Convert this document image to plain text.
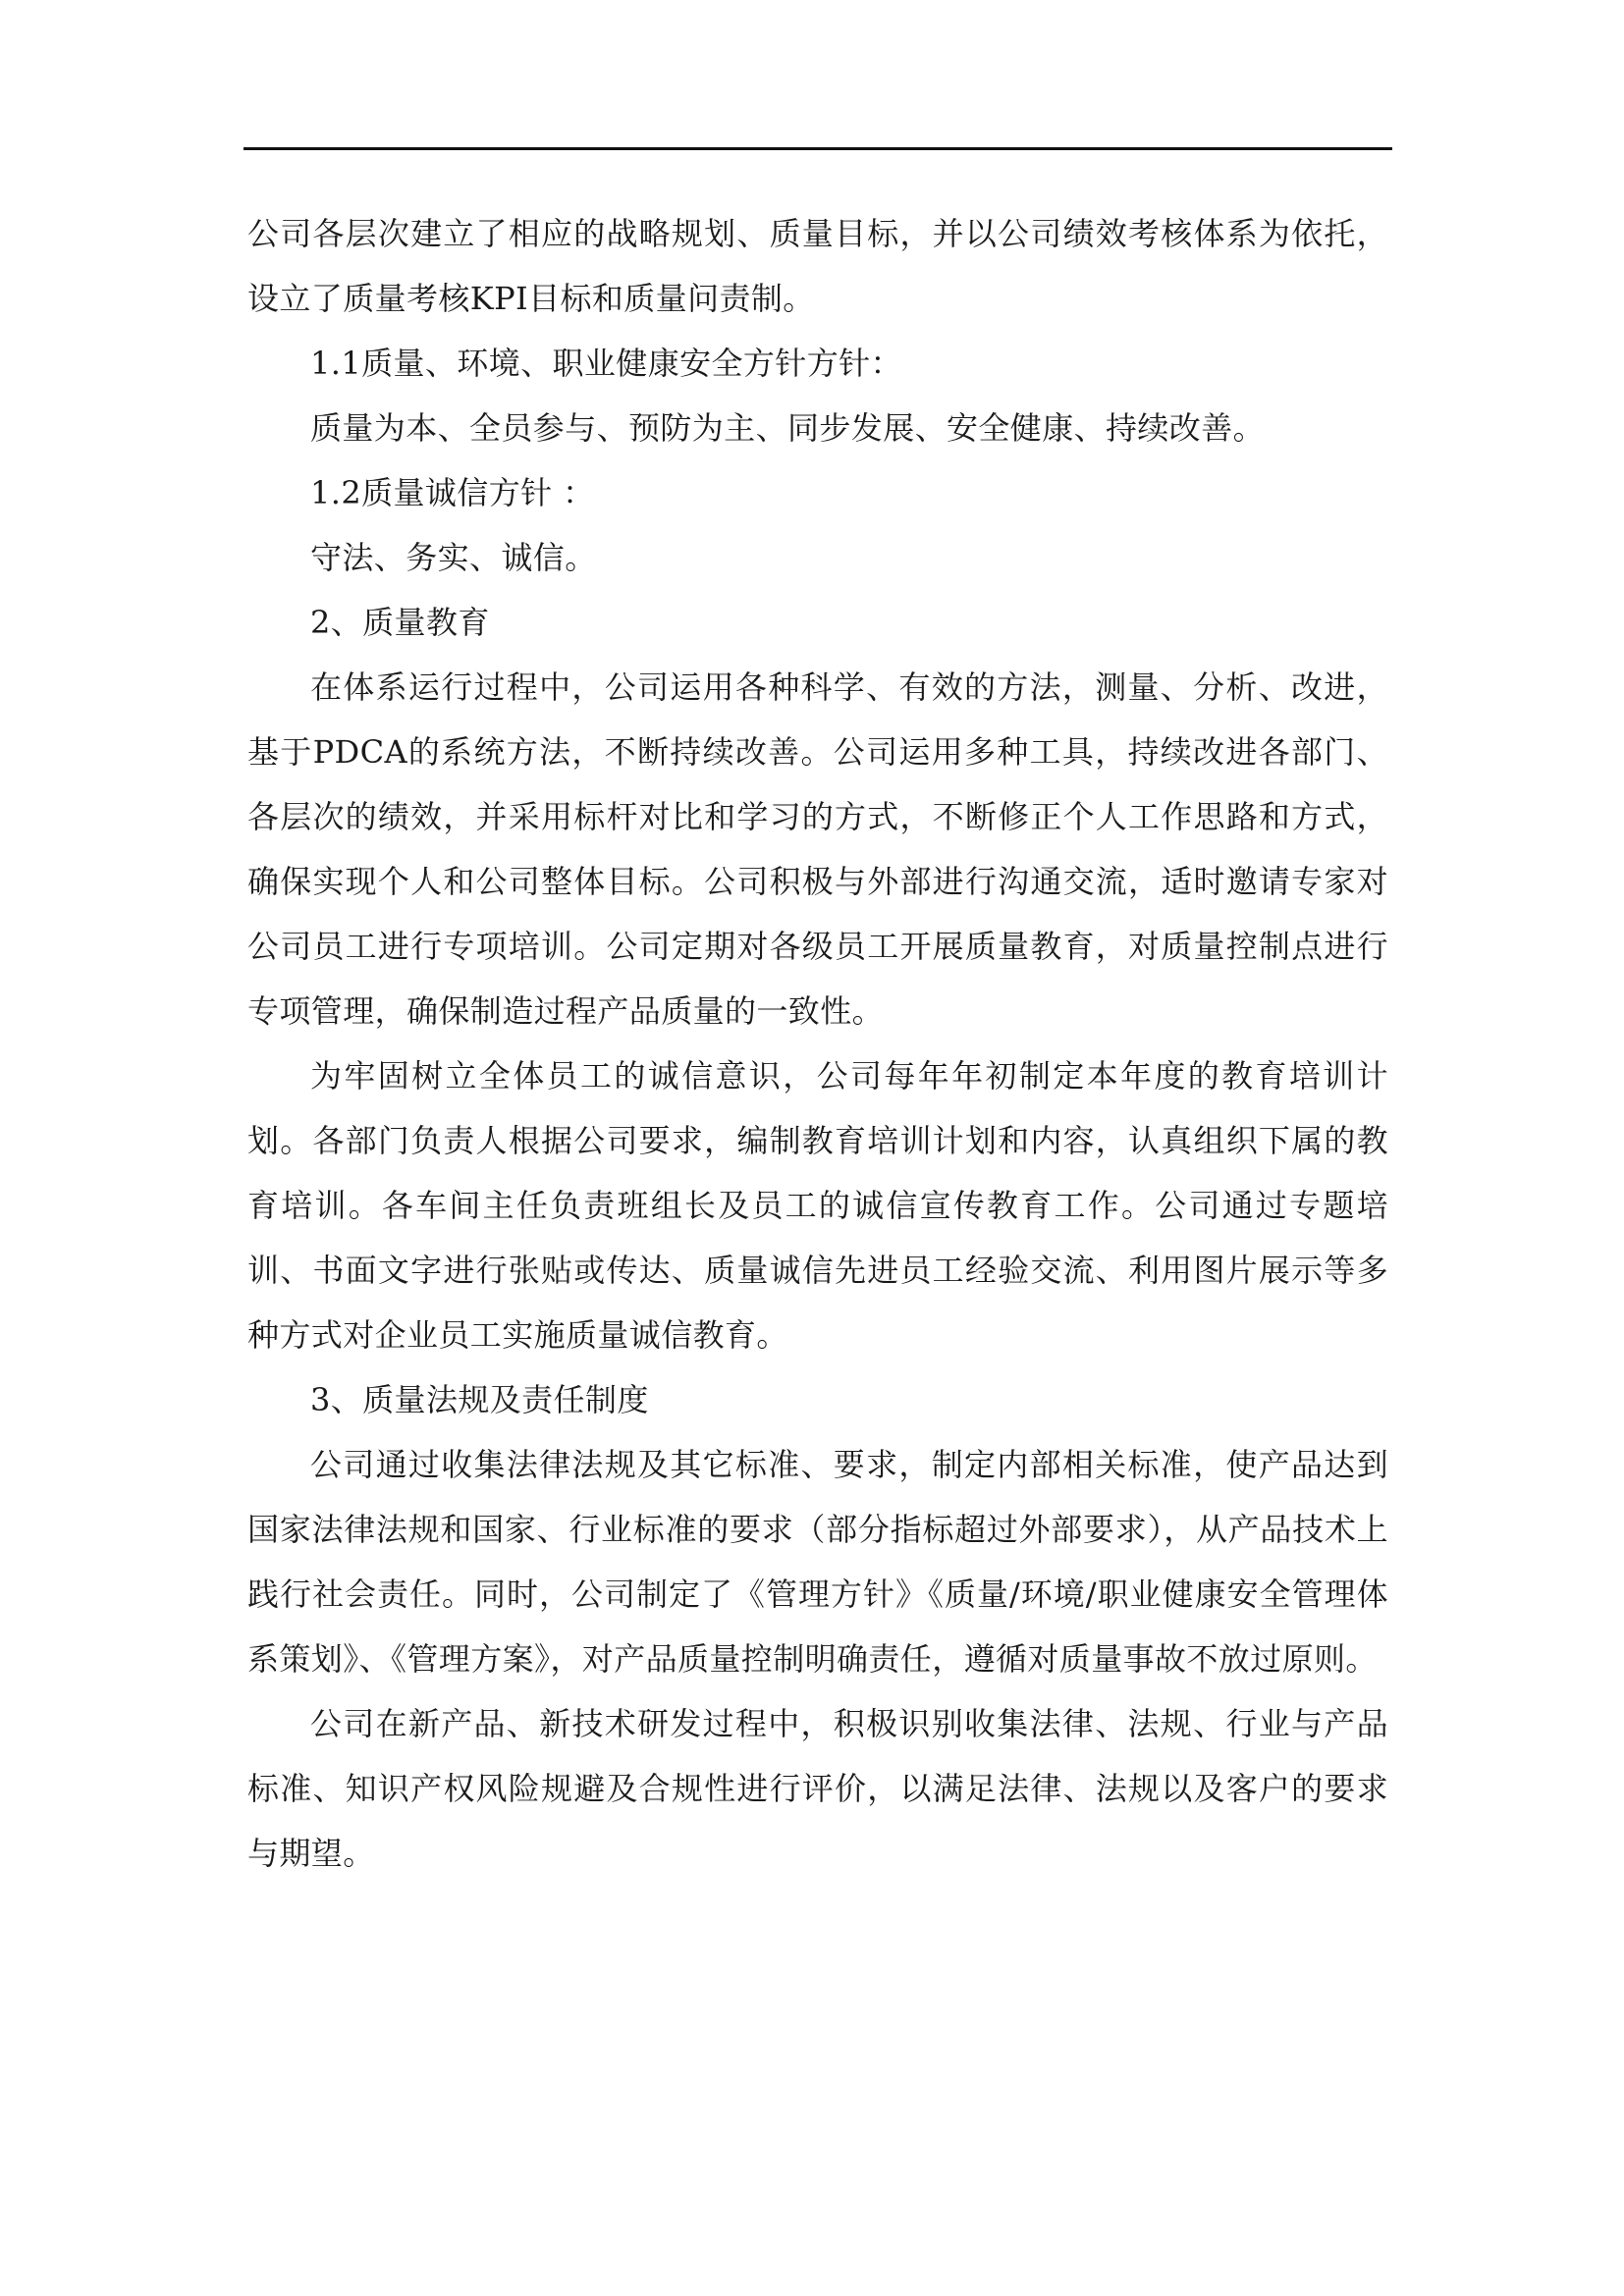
公司各层次建立了相应的战略规划、质量目标，并以公司绩效考核体系为依托，设立了质量考核KPI目标和质量问责制。

1.1质量、环境、职业健康安全方针方针：

质量为本、全员参与、预防为主、同步发展、安全健康、持续改善。

1.2质量诚信方针 ：

守法、务实、诚信。

2、质量教育

在体系运行过程中，公司运用各种科学、有效的方法，测量、分析、改进，基于PDCA的系统方法，不断持续改善。公司运用多种工具，持续改进各部门、各层次的绩效，并采用标杆对比和学习的方式，不断修正个人工作思路和方式，确保实现个人和公司整体目标。公司积极与外部进行沟通交流，适时邀请专家对公司员工进行专项培训。公司定期对各级员工开展质量教育，对质量控制点进行专项管理，确保制造过程产品质量的一致性。

为牢固树立全体员工的诚信意识，公司每年年初制定本年度的教育培训计划。各部门负责人根据公司要求，编制教育培训计划和内容，认真组织下属的教育培训。各车间主任负责班组长及员工的诚信宣传教育工作。公司通过专题培训、书面文字进行张贴或传达、质量诚信先进员工经验交流、利用图片展示等多种方式对企业员工实施质量诚信教育。

3、质量法规及责任制度

公司通过收集法律法规及其它标准、要求，制定内部相关标准，使产品达到国家法律法规和国家、行业标准的要求（部分指标超过外部要求），从产品技术上践行社会责任。同时，公司制定了《管理方针》《质量/环境/职业健康安全管理体系策划》、《管理方案》，对产品质量控制明确责任，遵循对质量事故不放过原则。

公司在新产品、新技术研发过程中，积极识别收集法律、法规、行业与产品标准、知识产权风险规避及合规性进行评价，以满足法律、法规以及客户的要求与期望。
